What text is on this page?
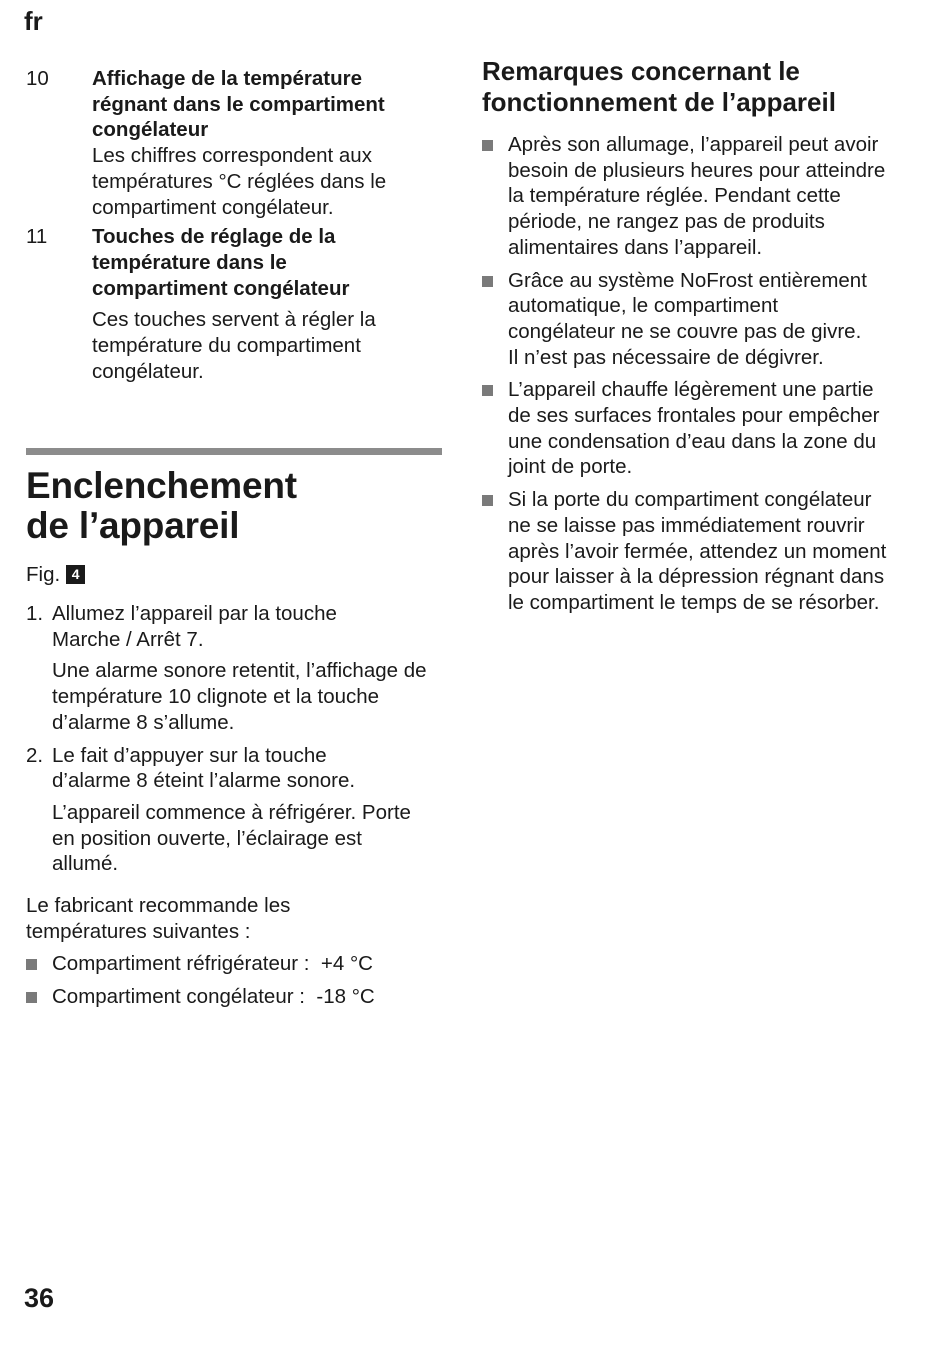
fr
10	Affichage de la température régnant dans le compartiment congélateur
Les chiffres correspondent aux températures °C réglées dans le compartiment congélateur.
11	Touches de réglage de la température dans le compartiment congélateur
Ces touches servent à régler la température du compartiment congélateur.
Enclenchement de l’appareil
Fig. 4
1. Allumez l’appareil par la touche Marche / Arrêt 7.
Une alarme sonore retentit, l’affichage de température 10 clignote et la touche d’alarme 8 s’allume.
2. Le fait d’appuyer sur la touche d’alarme 8 éteint l’alarme sonore.
L’appareil commence à réfrigérer. Porte en position ouverte, l’éclairage est allumé.
Le fabricant recommande les températures suivantes :
Compartiment réfrigérateur : +4 °C
Compartiment congélateur : -18 °C
Remarques concernant le fonctionnement de l’appareil
Après son allumage, l’appareil peut avoir besoin de plusieurs heures pour atteindre la température réglée. Pendant cette période, ne rangez pas de produits alimentaires dans l’appareil.
Grâce au système NoFrost entièrement automatique, le compartiment congélateur ne se couvre pas de givre. Il n’est pas nécessaire de dégivrer.
L’appareil chauffe légèrement une partie de ses surfaces frontales pour empêcher une condensation d’eau dans la zone du joint de porte.
Si la porte du compartiment congélateur ne se laisse pas immédiatement rouvrir après l’avoir fermée, attendez un moment pour laisser à la dépression régnant dans le compartiment le temps de se résorber.
36
